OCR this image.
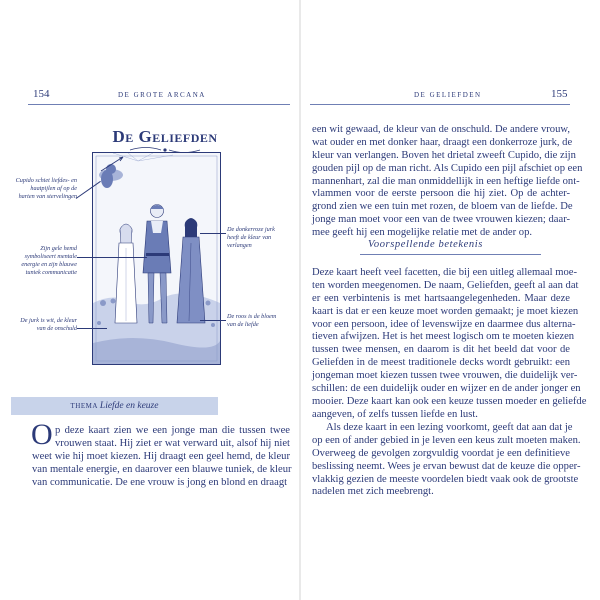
154	DE GROTE ARCANA	DE GELIEFDEN	155
De Geliefden
Cupido schiet liefdes- en haatpijlen af op de harten van stervelingen
Zijn gele hemd symboliseert mentale energie en zijn blauwe tuniek communicatie
De jurk is wit, de kleur van de onschuld
De donkerrozе jurk heeft de kleur van verlangen
De roos is de bloem van de liefde
THEMA Liefde en keuze
O p deze kaart zien we een jonge man die tussen twee
vrouwen staat. Hij ziet er wat verward uit, alsof hij niet
weet wie hij moet kiezen. Hij draagt een geel hemd, de kleur
van mentale energie, en daarover een blauwe tuniek, de kleur
van communicatie. De ene vrouw is jong en blond en draagt
een wit gewaad, de kleur van de onschuld. De andere vrouw,
wat ouder en met donker haar, draagt een donkerroze jurk, de
kleur van verlangen. Boven het drietal zweeft Cupido, die zijn
gouden pijl op de man richt. Als Cupido een pijl afschiet op een
mannenhart, zal die man onmiddellijk in een heftige liefde ont-
vlammen voor de eerste persoon die hij ziet. Op de achter-
grond zien we een tuin met rozen, de bloem van de liefde. De
jonge man moet voor een van de twee vrouwen kiezen; daar-
mee geeft hij een mogelijke relatie met de ander op.
Voorspellende betekenis
Deze kaart heeft veel facetten, die bij een uitleg allemaal moe-
ten worden meegenomen. De naam, Geliefden, geeft al aan dat
er een verbintenis is met hartsaangelegenheden. Maar deze
kaart is dat er een keuze moet worden gemaakt; je moet kiezen
voor een persoon, idee of levenswijze en daarmee dus alterna-
tieven afwijzen. Het is het meest logisch om te moeten kiezen
tussen twee mensen, en daarom is dit het beeld dat voor de
Geliefden in de meest traditionele decks wordt gebruikt: een
jongeman moet kiezen tussen twee vrouwen, die duidelijk ver-
schillen: de een duidelijk ouder en wijzer en de ander jonger en
mooier. Deze kaart kan ook een keuze tussen moeder en geliefde
aangeven, of zelfs tussen liefde en lust.
Als deze kaart in een lezing voorkomt, geeft dat aan dat je
op een of ander gebied in je leven een keus zult moeten maken.
Overweeg de gevolgen zorgvuldig voordat je een definitieve
beslissing neemt. Wees je ervan bewust dat de keuze die opper-
vlakkig gezien de meeste voordelen biedt vaak ook de grootste
nadelen met zich meebrengt.
